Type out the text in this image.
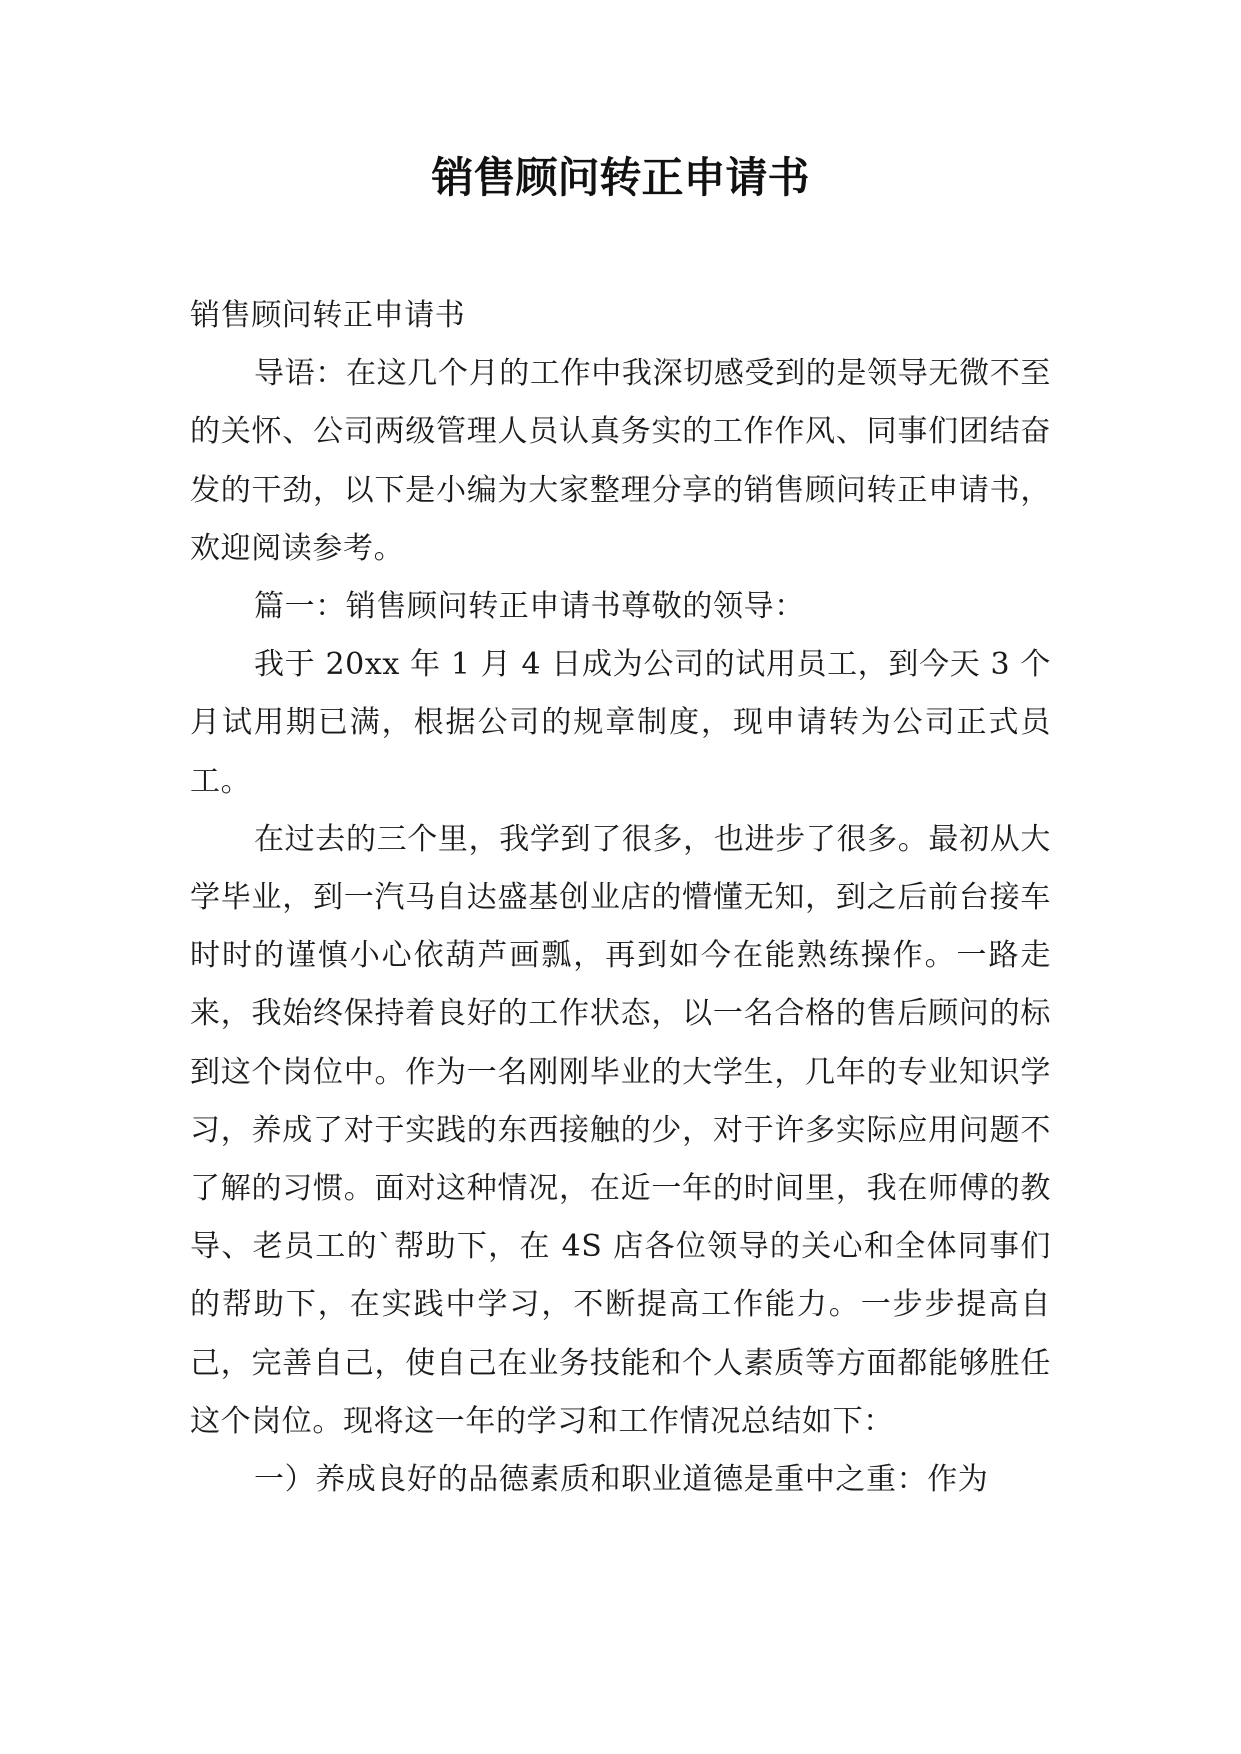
销售顾问转正申请书

销售顾问转正申请书

导语：在这几个月的工作中我深切感受到的是领导无微不至的关怀、公司两级管理人员认真务实的工作作风、同事们团结奋发的干劲，以下是小编为大家整理分享的销售顾问转正申请书，欢迎阅读参考。

篇一：销售顾问转正申请书尊敬的领导：

我于 20xx 年 1 月 4 日成为公司的试用员工，到今天 3 个月试用期已满，根据公司的规章制度，现申请转为公司正式员工。

在过去的三个里，我学到了很多，也进步了很多。最初从大学毕业，到一汽马自达盛基创业店的懵懂无知，到之后前台接车时时的谨慎小心依葫芦画瓢，再到如今在能熟练操作。一路走来，我始终保持着良好的工作状态，以一名合格的售后顾问的标到这个岗位中。作为一名刚刚毕业的大学生，几年的专业知识学习，养成了对于实践的东西接触的少，对于许多实际应用问题不了解的习惯。面对这种情况，在近一年的时间里，我在师傅的教导、老员工的`帮助下，在 4S 店各位领导的关心和全体同事们的帮助下，在实践中学习，不断提高工作能力。一步步提高自己，完善自己，使自己在业务技能和个人素质等方面都能够胜任这个岗位。现将这一年的学习和工作情况总结如下：

一）养成良好的品德素质和职业道德是重中之重：作为
